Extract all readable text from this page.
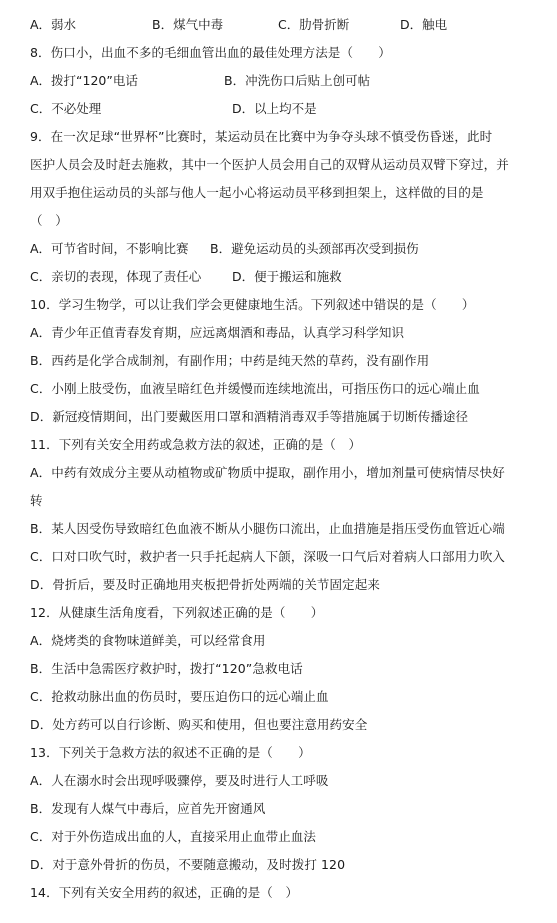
A．弱水	B．煤气中毒	C．肋骨折断	D．触电
8．伤口小，出血不多的毛细血管出血的最佳处理方法是（　　）
A．拨打“120”电话	B．冲洗伤口后贴上创可帖
C．不必处理	D．以上均不是
9．在一次足球“世界杯”比赛时，某运动员在比赛中为争夺头球不慎受伤昏迷，此时
医护人员会及时赶去施救，其中一个医护人员会用自己的双臂从运动员双臂下穿过，并
用双手抱住运动员的头部与他人一起小心将运动员平移到担架上，这样做的目的是
（　）
A．可节省时间，不影响比赛 B．避免运动员的头颈部再次受到损伤
C．亲切的表现，体现了责任心 D．便于搬运和施救
10．学习生物学，可以让我们学会更健康地生活。下列叙述中错误的是（　　）
A．青少年正值青春发育期，应远离烟酒和毒品，认真学习科学知识
B．西药是化学合成制剂，有副作用；中药是纯天然的草药，没有副作用
C．小刚上肢受伤，血液呈暗红色并缓慢而连续地流出，可指压伤口的远心端止血
D．新冠疫情期间，出门要戴医用口罩和酒精消毒双手等措施属于切断传播途径
11．下列有关安全用药或急救方法的叙述，正确的是（　）
A．中药有效成分主要从动植物或矿物质中提取，副作用小，增加剂量可使病情尽快好
转
B．某人因受伤导致暗红色血液不断从小腿伤口流出，止血措施是指压受伤血管近心端
C．口对口吹气时，救护者一只手托起病人下颌，深吸一口气后对着病人口部用力吹入
D．骨折后，要及时正确地用夹板把骨折处两端的关节固定起来
12．从健康生活角度看，下列叙述正确的是（　　）
A．烧烤类的食物味道鲜美，可以经常食用
B．生活中急需医疗救护时，拨打“120”急救电话
C．抢救动脉出血的伤员时，要压迫伤口的远心端止血
D．处方药可以自行诊断、购买和使用，但也要注意用药安全
13．下列关于急救方法的叙述不正确的是（　　）
A．人在溺水时会出现呼吸骤停，要及时进行人工呼吸
B．发现有人煤气中毒后，应首先开窗通风
C．对于外伤造成出血的人，直接采用止血带止血法
D．对于意外骨折的伤员，不要随意搬动，及时拨打 120
14．下列有关安全用药的叙述，正确的是（　）
